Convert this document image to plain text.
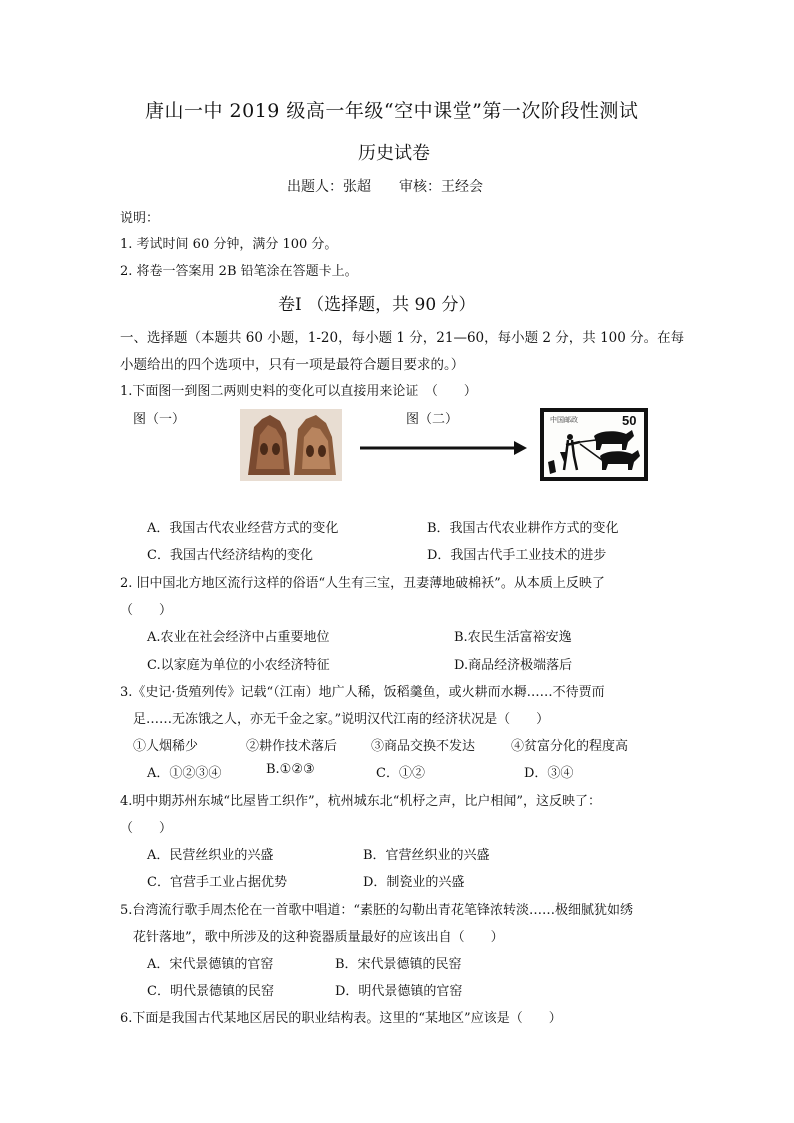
唐山一中 2019 级高一年级“空中课堂”第一次阶段性测试
历史试卷
出题人：张超　　审核：王经会
说明：
1. 考试时间 60 分钟，满分 100 分。
2. 将卷一答案用 2B 铅笔涂在答题卡上。
卷Ⅰ （选择题，共 90 分）
一、选择题（本题共 60 小题，1-20，每小题 1 分，21—60，每小题 2 分，共 100 分。在每
小题给出的四个选项中，只有一项是最符合题目要求的。）
1.下面图一到图二两则史料的变化可以直接用来论证　（　　）
图（一）	图（二）	中国邮政	50
A．我国古代农业经营方式的变化	B．我国古代农业耕作方式的变化
C．我国古代经济结构的变化	D．我国古代手工业技术的进步
2. 旧中国北方地区流行这样的俗语“人生有三宝，丑妻薄地破棉袄”。从本质上反映了
（　　）
A.农业在社会经济中占重要地位	B.农民生活富裕安逸
C.以家庭为单位的小农经济特征	D.商品经济极端落后
3.《史记·货殖列传》记载“（江南）地广人稀，饭稻羹鱼，或火耕而水耨……不待贾而
足……无冻饿之人，亦无千金之家。”说明汉代江南的经济状况是（　　）
①人烟稀少	②耕作技术落后	③商品交换不发达	④贫富分化的程度高
A．①②③④	B.①②③	C．①②	D．③④
4.明中期苏州东城“比屋皆工织作”，杭州城东北“机杼之声，比户相闻”，这反映了：
（　　）
A．民营丝织业的兴盛	B．官营丝织业的兴盛
C．官营手工业占据优势	D．制瓷业的兴盛
5.台湾流行歌手周杰伦在一首歌中唱道：“素胚的勾勒出青花笔锋浓转淡……极细腻犹如绣
花针落地”，歌中所涉及的这种瓷器质量最好的应该出自（　　）
A．宋代景德镇的官窑	B．宋代景德镇的民窑
C．明代景德镇的民窑	D．明代景德镇的官窑
6.下面是我国古代某地区居民的职业结构表。这里的“某地区”应该是（　　）
